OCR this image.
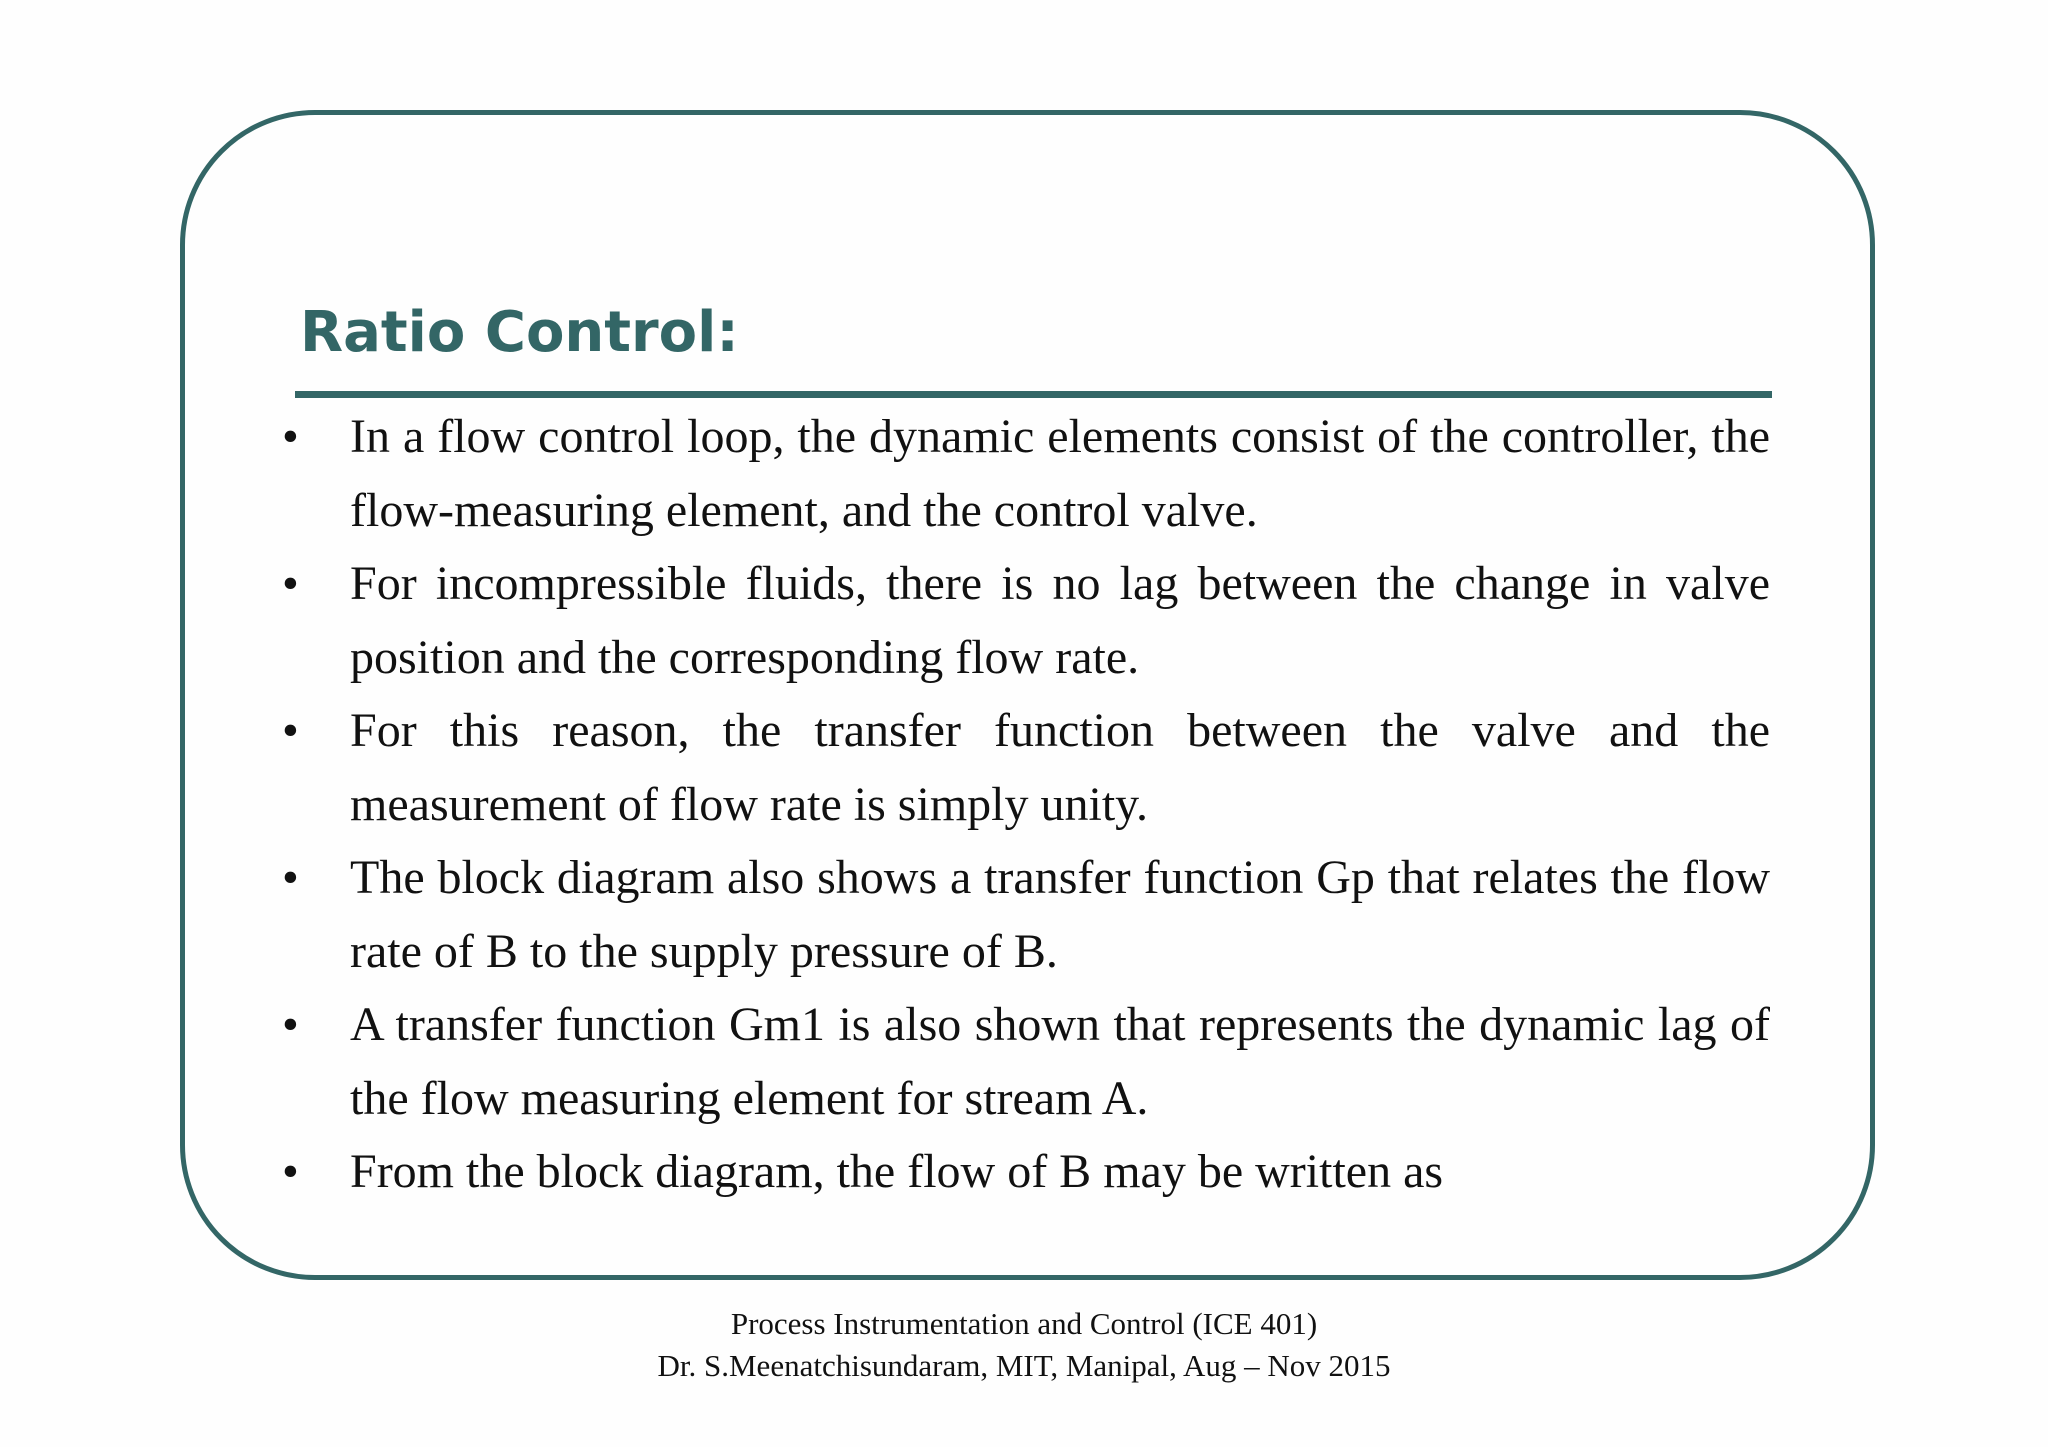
Ratio Control:
• In a flow control loop, the dynamic elements consist of the controller, the flow-measuring element, and the control valve.
• For incompressible fluids, there is no lag between the change in valve position and the corresponding flow rate.
• For this reason, the transfer function between the valve and the measurement of flow rate is simply unity.
• The block diagram also shows a transfer function Gp that relates the flow rate of B to the supply pressure of B.
• A transfer function Gm1 is also shown that represents the dynamic lag of the flow measuring element for stream A.
• From the block diagram, the flow of B may be written as
Process Instrumentation and Control (ICE 401)
Dr. S.Meenatchisundaram, MIT, Manipal, Aug – Nov 2015
